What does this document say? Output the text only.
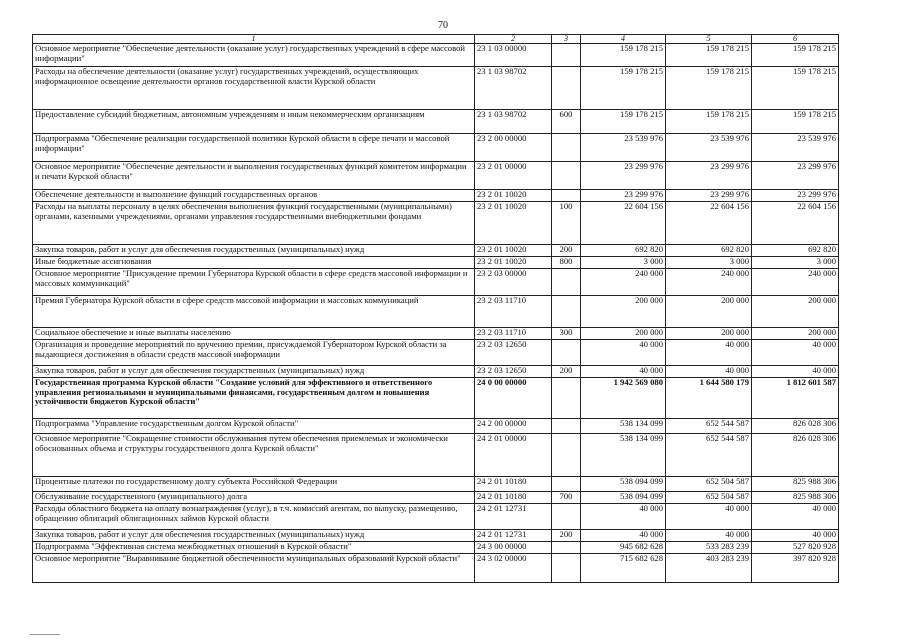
70
1	2	3	4	5	6
Основное мероприятие "Обеспечение деятельности (оказание услуг) государственных учреждений в сфере массовой информации"	23 1 03 00000		159 178 215	159 178 215	159 178 215
Расходы на обеспечение деятельности (оказание услуг) государственных учреждений, осуществляющих информационное освещение деятельности органов государственной власти Курской области	23 1 03 98702		159 178 215	159 178 215	159 178 215
Предоставление субсидий бюджетным, автономным учреждениям и иным некоммерческим организациям	23 1 03 98702	600	159 178 215	159 178 215	159 178 215
Подпрограмма "Обеспечение реализации государственной политики Курской области в сфере печати и массовой информации"	23 2 00 00000		23 539 976	23 539 976	23 539 976
Основное мероприятие "Обеспечение деятельности и выполнения государственных функций комитетом информации и печати Курской области"	23 2 01 00000		23 299 976	23 299 976	23 299 976
Обеспечение деятельности и выполнение функций государственных органов	23 2 01 10020		23 299 976	23 299 976	23 299 976
Расходы на выплаты персоналу в целях обеспечения выполнения функций государственными (муниципальными) органами, казенными учреждениями, органами управления государственными внебюджетными фондами	23 2 01 10020	100	22 604 156	22 604 156	22 604 156
Закупка товаров, работ и услуг для обеспечения государственных (муниципальных) нужд	23 2 01 10020	200	692 820	692 820	692 820
Иные бюджетные ассигнования	23 2 01 10020	800	3 000	3 000	3 000
Основное мероприятие "Присуждение премии Губернатора Курской области в сфере средств массовой информации и массовых коммуникаций"	23 2 03 00000		240 000	240 000	240 000
Премия Губернатора Курской области в сфере средств массовой информации и массовых коммуникаций	23 2 03 11710		200 000	200 000	200 000
Социальное обеспечение и иные выплаты населению	23 2 03 11710	300	200 000	200 000	200 000
Организация и проведение мероприятий по вручению премии, присуждаемой Губернатором Курской области за выдающиеся достижения в области средств массовой информации	23 2 03 12650		40 000	40 000	40 000
Закупка товаров, работ и услуг для обеспечения государственных (муниципальных) нужд	23 2 03 12650	200	40 000	40 000	40 000
Государственная программа Курской области "Создание условий для эффективного и ответственного управления региональными и муниципальными финансами, государственным долгом и повышения устойчивости бюджетов Курской области"	24 0 00 00000		1 942 569 080	1 644 580 179	1 812 601 587
Подпрограмма "Управление государственным долгом Курской области"	24 2 00 00000		538 134 099	652 544 587	826 028 306
Основное мероприятие "Сокращение стоимости обслуживания путем обеспечения приемлемых и экономически обоснованных объема и структуры государственного долга Курской области"	24 2 01 00000		538 134 099	652 544 587	826 028 306
Процентные платежи по государственному долгу субъекта Российской Федерации	24 2 01 10180		538 094 099	652 504 587	825 988 306
Обслуживание государственного (муниципального) долга	24 2 01 10180	700	538 094 099	652 504 587	825 988 306
Расходы областного бюджета на оплату вознаграждения (услуг), в т.ч. комиссий агентам, по выпуску, размещению, обращению облигаций облигационных займов Курской области	24 2 01 12731		40 000	40 000	40 000
Закупка товаров, работ и услуг для обеспечения государственных (муниципальных) нужд	24 2 01 12731	200	40 000	40 000	40 000
Подпрограмма "Эффективная система межбюджетных отношений в Курской области"	24 3 00 00000		945 682 628	533 283 239	527 820 928
Основное мероприятие "Выравнивание бюджетной обеспеченности муниципальных образований Курской области"	24 3 02 00000		715 682 628	403 283 239	397 820 928
